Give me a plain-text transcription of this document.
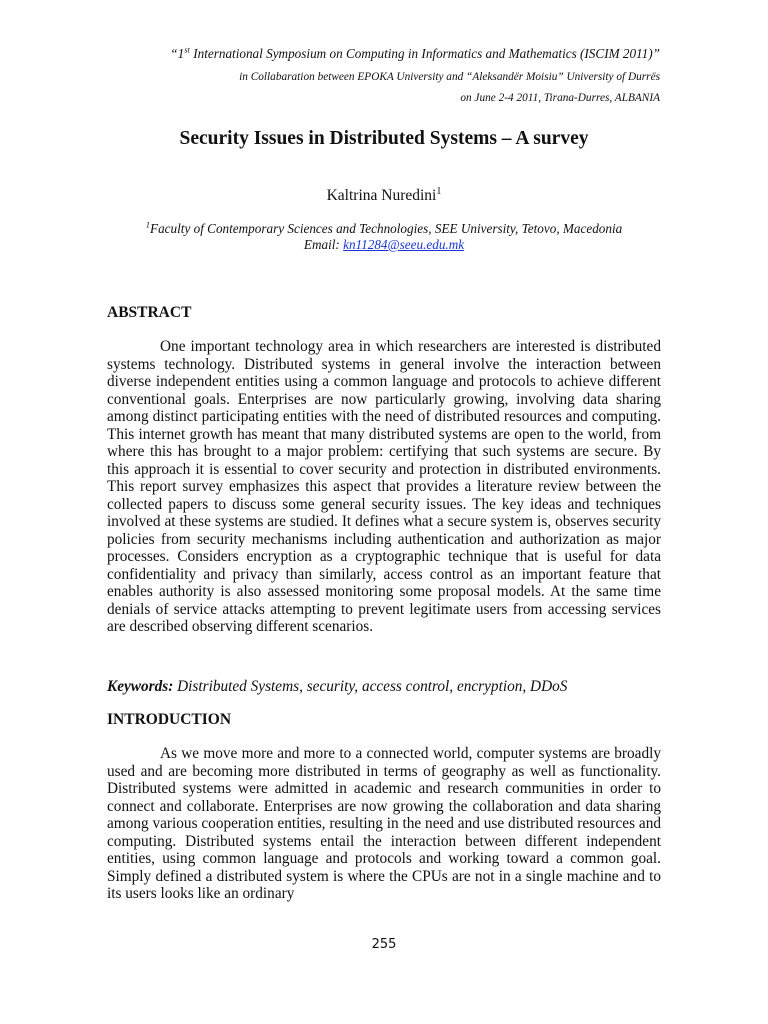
“1st International Symposium on Computing in Informatics and Mathematics (ISCIM 2011)”
in Collabaration between EPOKA University and “Aleksandër Moisiu” University of Durrës
on June 2-4 2011, Tirana-Durres, ALBANIA
Security Issues in Distributed Systems – A survey
Kaltrina Nuredini$^1$
$^1$Faculty of Contemporary Sciences and Technologies, SEE University, Tetovo, Macedonia
Email: kn11284@seeu.edu.mk
ABSTRACT

One important technology area in which researchers are interested is distributed systems technology. Distributed systems in general involve the interaction between diverse independent entities using a common language and protocols to achieve different conventional goals. Enterprises are now particularly growing, involving data sharing among distinct participating entities with the need of distributed resources and computing. This internet growth has meant that many distributed systems are open to the world, from where this has brought to a major problem: certifying that such systems are secure. By this approach it is essential to cover security and protection in distributed environments. This report survey emphasizes this aspect that provides a literature review between the collected papers to discuss some general security issues. The key ideas and techniques involved at these systems are studied. It defines what a secure system is, observes security policies from security mechanisms including authentication and authorization as major processes. Considers encryption as a cryptographic technique that is useful for data confidentiality and privacy than similarly, access control as an important feature that enables authority is also assessed monitoring some proposal models. At the same time denials of service attacks attempting to prevent legitimate users from accessing services are described observing different scenarios.

Keywords: Distributed Systems, security, access control, encryption, DDoS
INTRODUCTION

As we move more and more to a connected world, computer systems are broadly used and are becoming more distributed in terms of geography as well as functionality. Distributed systems were admitted in academic and research communities in order to connect and collaborate. Enterprises are now growing the collaboration and data sharing among various cooperation entities, resulting in the need and use distributed resources and computing. Distributed systems entail the interaction between different independent entities, using common language and protocols and working toward a common goal. Simply defined a distributed system is where the CPUs are not in a single machine and to its users looks like an ordinary

255
